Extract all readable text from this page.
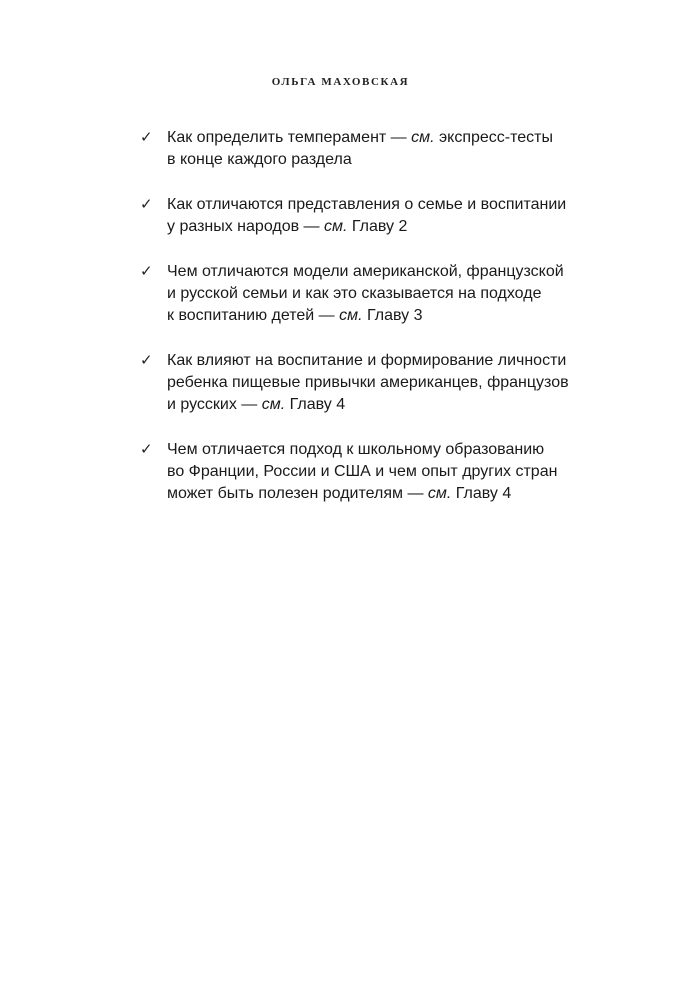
ОЛЬГА МАХОВСКАЯ
✓ Как определить темперамент — см. экспресс-тесты
в конце каждого раздела
✓ Как отличаются представления о семье и воспитании
у разных народов — см. Главу 2
✓ Чем отличаются модели американской, французской
и русской семьи и как это сказывается на подходе
к воспитанию детей — см. Главу 3
✓ Как влияют на воспитание и формирование личности
ребенка пищевые привычки американцев, французов
и русских — см. Главу 4
✓ Чем отличается подход к школьному образованию
во Франции, России и США и чем опыт других стран
может быть полезен родителям — см. Главу 4
